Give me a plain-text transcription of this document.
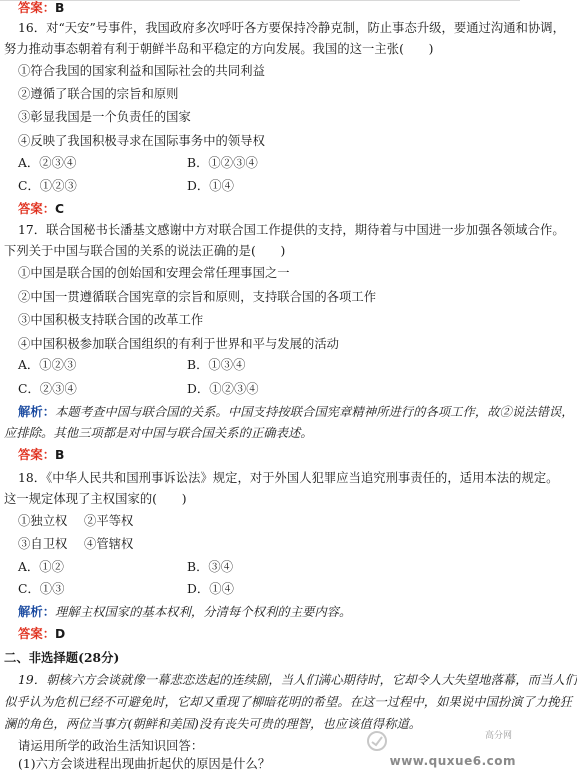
答案：B
16．对“天安”号事件，我国政府多次呼吁各方要保持冷静克制，防止事态升级，要通过沟通和协调，
努力推动事态朝着有利于朝鲜半岛和平稳定的方向发展。我国的这一主张(　　)
①符合我国的国家利益和国际社会的共同利益
②遵循了联合国的宗旨和原则
③彰显我国是一个负责任的国家
④反映了我国积极寻求在国际事务中的领导权
A．②③④	B．①②③④
C．①②③	D．①④
答案：C
17．联合国秘书长潘基文感谢中方对联合国工作提供的支持，期待着与中国进一步加强各领域合作。
下列关于中国与联合国的关系的说法正确的是(　　)
①中国是联合国的创始国和安理会常任理事国之一
②中国一贯遵循联合国宪章的宗旨和原则，支持联合国的各项工作
③中国积极支持联合国的改革工作
④中国积极参加联合国组织的有利于世界和平与发展的活动
A．①②③	B．①③④
C．②③④	D．①②③④
解析：本题考查中国与联合国的关系。中国支持按联合国宪章精神所进行的各项工作，故②说法错误，
应排除。其他三项都是对中国与联合国关系的正确表述。
答案：B
18．《中华人民共和国刑事诉讼法》规定，对于外国人犯罪应当追究刑事责任的，适用本法的规定。
这一规定体现了主权国家的(　　)
①独立权 ②平等权
③自卫权 ④管辖权
A．①②	B．③④
C．①③	D．①④
解析：理解主权国家的基本权利，分清每个权利的主要内容。
答案：D
二、非选择题(28分)
19．朝核六方会谈就像一幕悲恋迭起的连续剧，当人们满心期待时，它却令人大失望地落幕，而当人们
似乎认为危机已经不可避免时，它却又重现了柳暗花明的希望。在这一过程中，如果说中国扮演了力挽狂
澜的角色，两位当事方(朝鲜和美国)没有丧失可贵的理智，也应该值得称道。
请运用所学的政治生活知识回答：
(1)六方会谈进程出现曲折起伏的原因是什么？
高分网
www.quxue6.com
